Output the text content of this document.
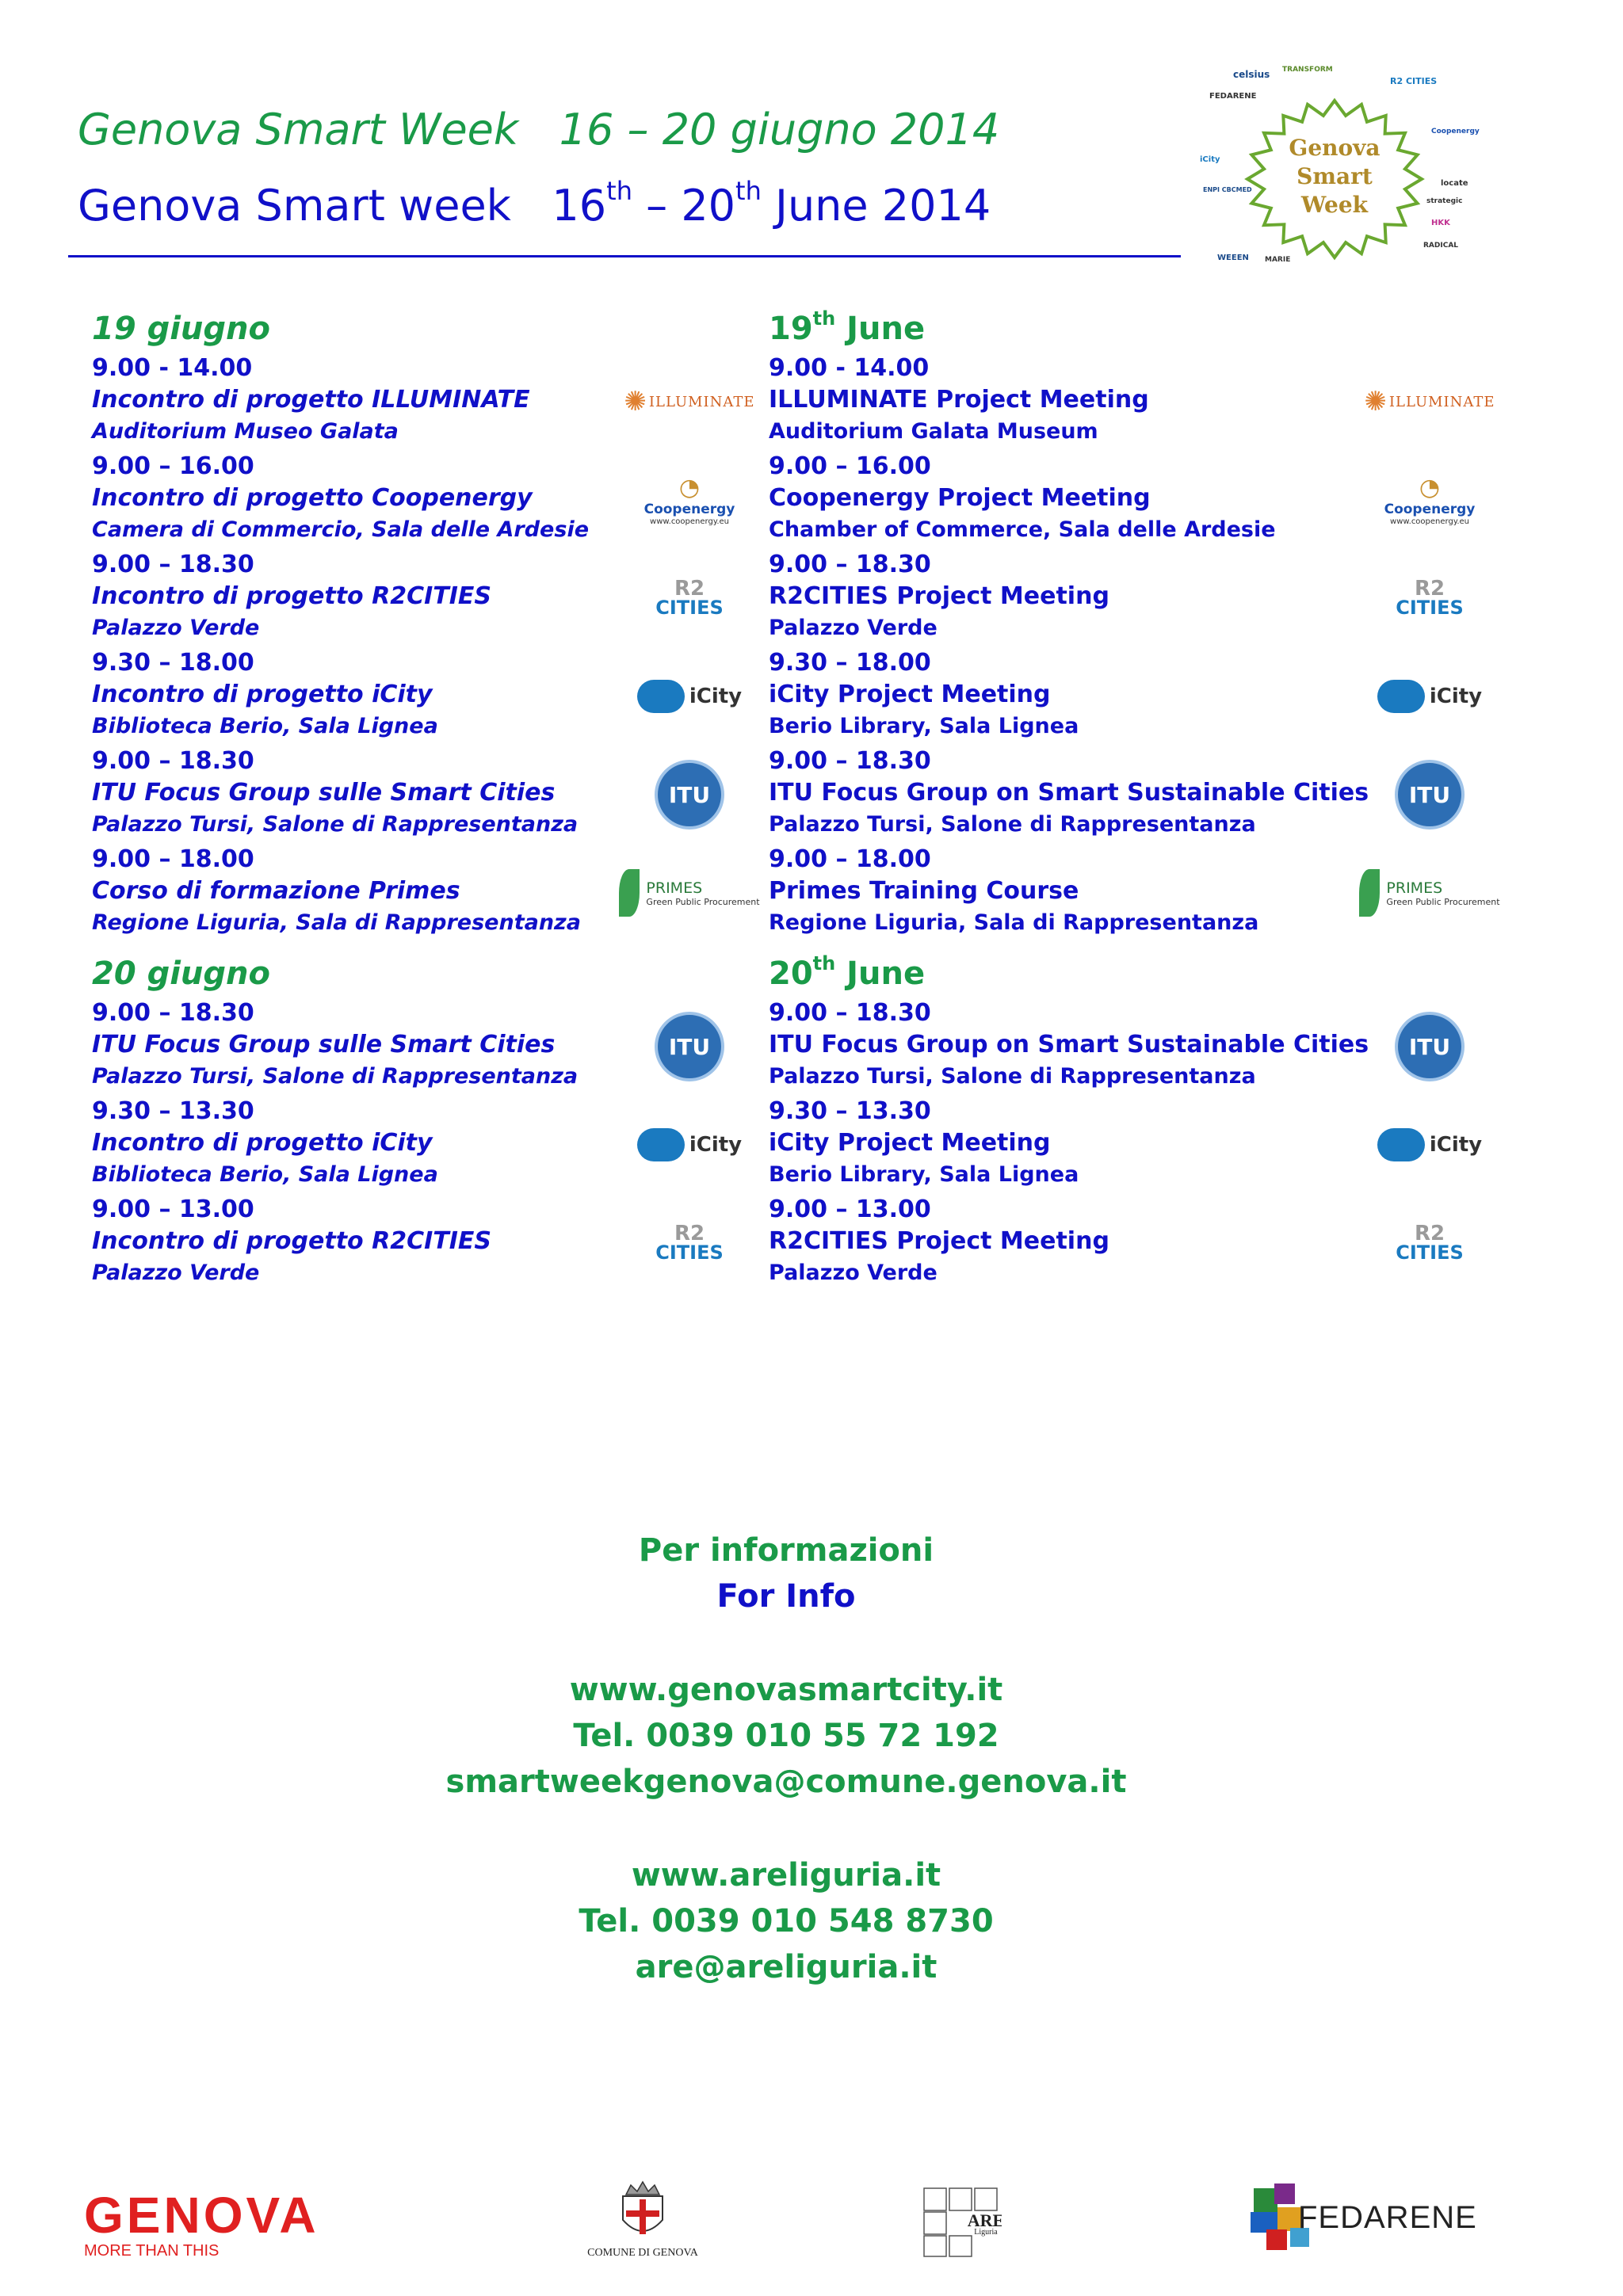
Genova Smart Week   16 – 20 giugno 2014
Genova Smart week   16th – 20th June 2014
Genova
Smart
Week
celsius TRANSFORM
R2 CITIES
FEDARENE
iCity
ENPI CBCMED
Coopenergy
locate
strategic
HKK
RADICAL
WEEEN MARIE
19 giugno
9.00 - 14.00
Incontro di progetto ILLUMINATE
Auditorium Museo Galata
✺ ILLUMINATE
9.00 – 16.00
Incontro di progetto Coopenergy
Camera di Commercio, Sala delle Ardesie
◔
Coopenergy
www.coopenergy.eu
9.00 – 18.30
Incontro di progetto R2CITIES
Palazzo Verde
R2
CITIES
9.30 – 18.00
Incontro di progetto iCity
Biblioteca Berio, Sala Lignea
iCity
9.00 – 18.30
ITU Focus Group sulle Smart Cities
Palazzo Tursi, Salone di Rappresentanza
ITU
9.00 – 18.00
Corso di formazione Primes
Regione Liguria, Sala di Rappresentanza
PRIMES
Green Public Procurement
20 giugno
9.00 – 18.30
ITU Focus Group sulle Smart Cities
Palazzo Tursi, Salone di Rappresentanza
ITU
9.30 – 13.30
Incontro di progetto iCity
Biblioteca Berio, Sala Lignea
iCity
9.00 – 13.00
Incontro di progetto R2CITIES
Palazzo Verde
R2
CITIES
19th June
9.00 - 14.00
ILLUMINATE Project Meeting
Auditorium Galata Museum
✺ ILLUMINATE
9.00 – 16.00
Coopenergy Project Meeting
Chamber of Commerce, Sala delle Ardesie
◔
Coopenergy
www.coopenergy.eu
9.00 – 18.30
R2CITIES Project Meeting
Palazzo Verde
R2
CITIES
9.30 – 18.00
iCity Project Meeting
Berio Library, Sala Lignea
iCity
9.00 – 18.30
ITU Focus Group on Smart Sustainable Cities
Palazzo Tursi, Salone di Rappresentanza
ITU
9.00 – 18.00
Primes Training Course
Regione Liguria, Sala di Rappresentanza
PRIMES
Green Public Procurement
20th June
9.00 – 18.30
ITU Focus Group on Smart Sustainable Cities
Palazzo Tursi, Salone di Rappresentanza
ITU
9.30 – 13.30
iCity Project Meeting
Berio Library, Sala Lignea
iCity
9.00 – 13.00
R2CITIES Project Meeting
Palazzo Verde
R2
CITIES
Per informazioni
For Info
www.genovasmartcity.it
Tel. 0039 010 55 72 192
smartweekgenova@comune.genova.it
www.areliguria.it
Tel. 0039 010 548 8730
are@areliguria.it
GENOVA
MORE THAN THIS	COMUNE DI GENOVA
ARE
Liguria	FEDARENE
